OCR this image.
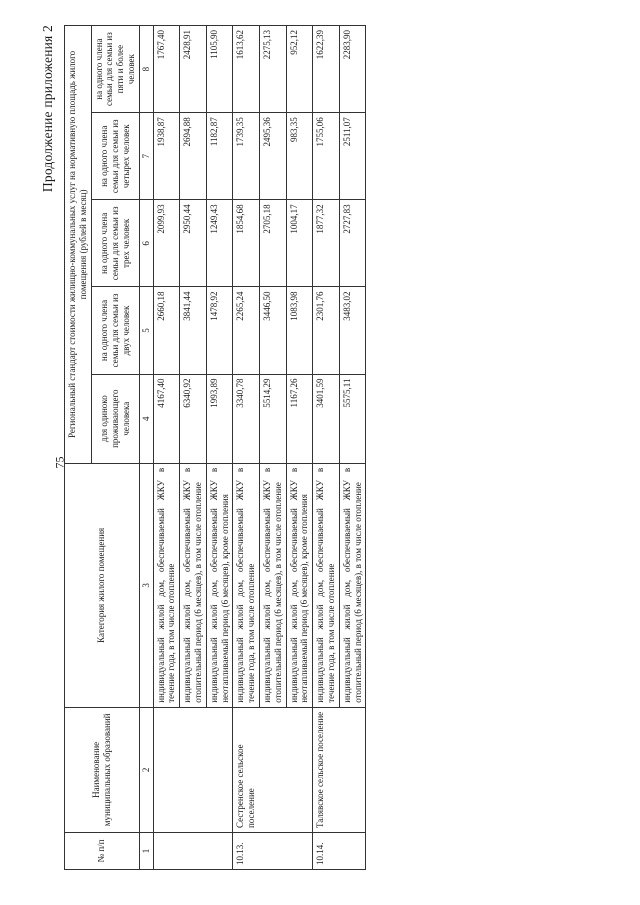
75
Продолжение приложения 2
№ п/п	Наименование муниципальных образований	Категория жилого помещения	Региональный стандарт стоимости жилищно-коммунальных услуг на нормативную площадь жилого помещения (рублей в месяц)				
			для одиноко проживающего человека	на одного члена семьи для семьи из двух человек	на одного члена семьи для семьи из трех человек	на одного члена семьи для семьи из четырех человек	на одного члена семьи для семьи из пяти и более человек
1	2	3	4	5	6	7	8
		индивидуальный жилой дом, обеспечиваемый ЖКУ в течение года, в том числе отопление	4167,40	2660,18	2099,93	1938,87	1767,40
		индивидуальный жилой дом, обеспечиваемый ЖКУ в отопительный период (6 месяцев), в том числе отопление	6340,92	3841,44	2950,44	2694,88	2428,91
		индивидуальный жилой дом, обеспечиваемый ЖКУ в неотапливаемый период (6 месяцев), кроме отопления	1993,89	1478,92	1249,43	1182,87	1105,90
10.13.	Сестренское сельское поселение	индивидуальный жилой дом, обеспечиваемый ЖКУ в течение года, в том числе отопление	3340,78	2265,24	1854,68	1739,35	1613,62
		индивидуальный жилой дом, обеспечиваемый ЖКУ в отопительный период (6 месяцев), в том числе отопление	5514,29	3446,50	2705,18	2495,36	2275,13
		индивидуальный жилой дом, обеспечиваемый ЖКУ в неотапливаемый период (6 месяцев), кроме отопления	1167,26	1083,98	1004,17	983,35	952,12
10.14.	Талявское сельское поселение	индивидуальный жилой дом, обеспечиваемый ЖКУ в течение года, в том числе отопление	3401,59	2301,76	1877,32	1755,06	1622,39
		индивидуальный жилой дом, обеспечиваемый ЖКУ в отопительный период (6 месяцев), в том числе отопление	5575,11	3483,02	2727,83	2511,07	2283,90
